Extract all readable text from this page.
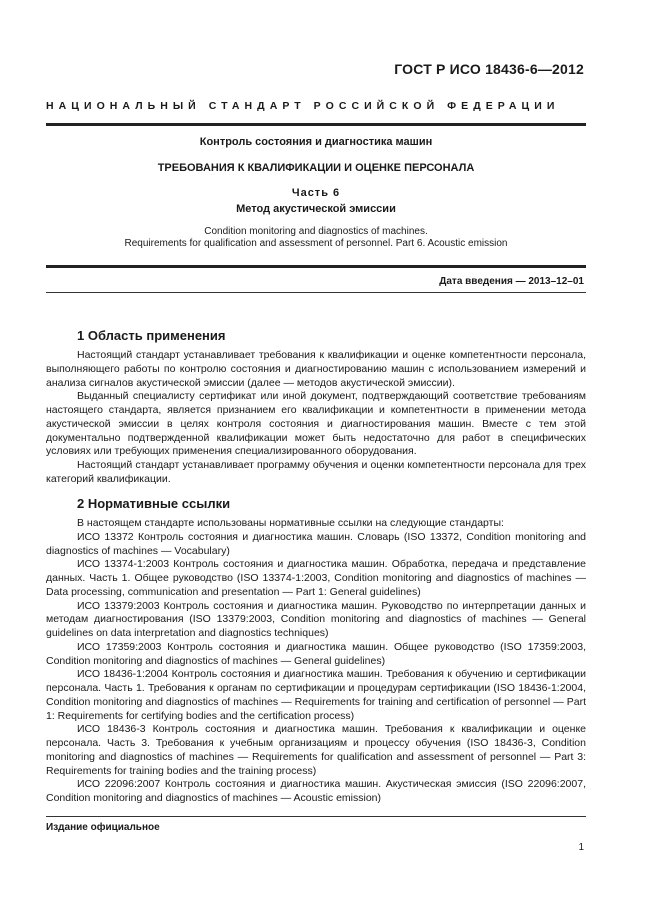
ГОСТ Р ИСО 18436-6—2012
НАЦИОНАЛЬНЫЙ СТАНДАРТ РОССИЙСКОЙ ФЕДЕРАЦИИ
Контроль состояния и диагностика машин
ТРЕБОВАНИЯ К КВАЛИФИКАЦИИ И ОЦЕНКЕ ПЕРСОНАЛА
Часть 6
Метод акустической эмиссии
Condition monitoring and diagnostics of machines.
Requirements for qualification and assessment of personnel. Part 6. Acoustic emission
Дата введения — 2013–12–01
1 Область применения

Настоящий стандарт устанавливает требования к квалификации и оценке компетентности персонала, выполняющего работы по контролю состояния и диагностированию машин с использованием измерений и анализа сигналов акустической эмиссии (далее — методов акустической эмиссии).

Выданный специалисту сертификат или иной документ, подтверждающий соответствие требованиям настоящего стандарта, является признанием его квалификации и компетентности в применении метода акустической эмиссии в целях контроля состояния и диагностирования машин. Вместе с тем этой документально подтвержденной квалификации может быть недостаточно для работ в специфических условиях или требующих применения специализированного оборудования.

Настоящий стандарт устанавливает программу обучения и оценки компетентности персонала для трех категорий квалификации.

2 Нормативные ссылки

В настоящем стандарте использованы нормативные ссылки на следующие стандарты:

ИСО 13372 Контроль состояния и диагностика машин. Словарь (ISO 13372, Condition monitoring and diagnostics of machines — Vocabulary)

ИСО 13374-1:2003 Контроль состояния и диагностика машин. Обработка, передача и представление данных. Часть 1. Общее руководство (ISO 13374-1:2003, Condition monitoring and diagnostics of machines — Data processing, communication and presentation — Part 1: General guidelines)

ИСО 13379:2003 Контроль состояния и диагностика машин. Руководство по интерпретации данных и методам диагностирования (ISO 13379:2003, Condition monitoring and diagnostics of machines — General guidelines on data interpretation and diagnostics techniques)

ИСО 17359:2003 Контроль состояния и диагностика машин. Общее руководство (ISO 17359:2003, Condition monitoring and diagnostics of machines — General guidelines)

ИСО 18436-1:2004 Контроль состояния и диагностика машин. Требования к обучению и сертификации персонала. Часть 1. Требования к органам по сертификации и процедурам сертификации (ISO 18436-1:2004, Condition monitoring and diagnostics of machines — Requirements for training and certification of personnel — Part 1: Requirements for certifying bodies and the certification process)

ИСО 18436-3 Контроль состояния и диагностика машин. Требования к квалификации и оценке персонала. Часть 3. Требования к учебным организациям и процессу обучения (ISO 18436-3, Condition monitoring and diagnostics of machines — Requirements for qualification and assessment of personnel — Part 3: Requirements for training bodies and the training process)

ИСО 22096:2007 Контроль состояния и диагностика машин. Акустическая эмиссия (ISO 22096:2007, Condition monitoring and diagnostics of machines — Acoustic emission)

Издание официальное
1
